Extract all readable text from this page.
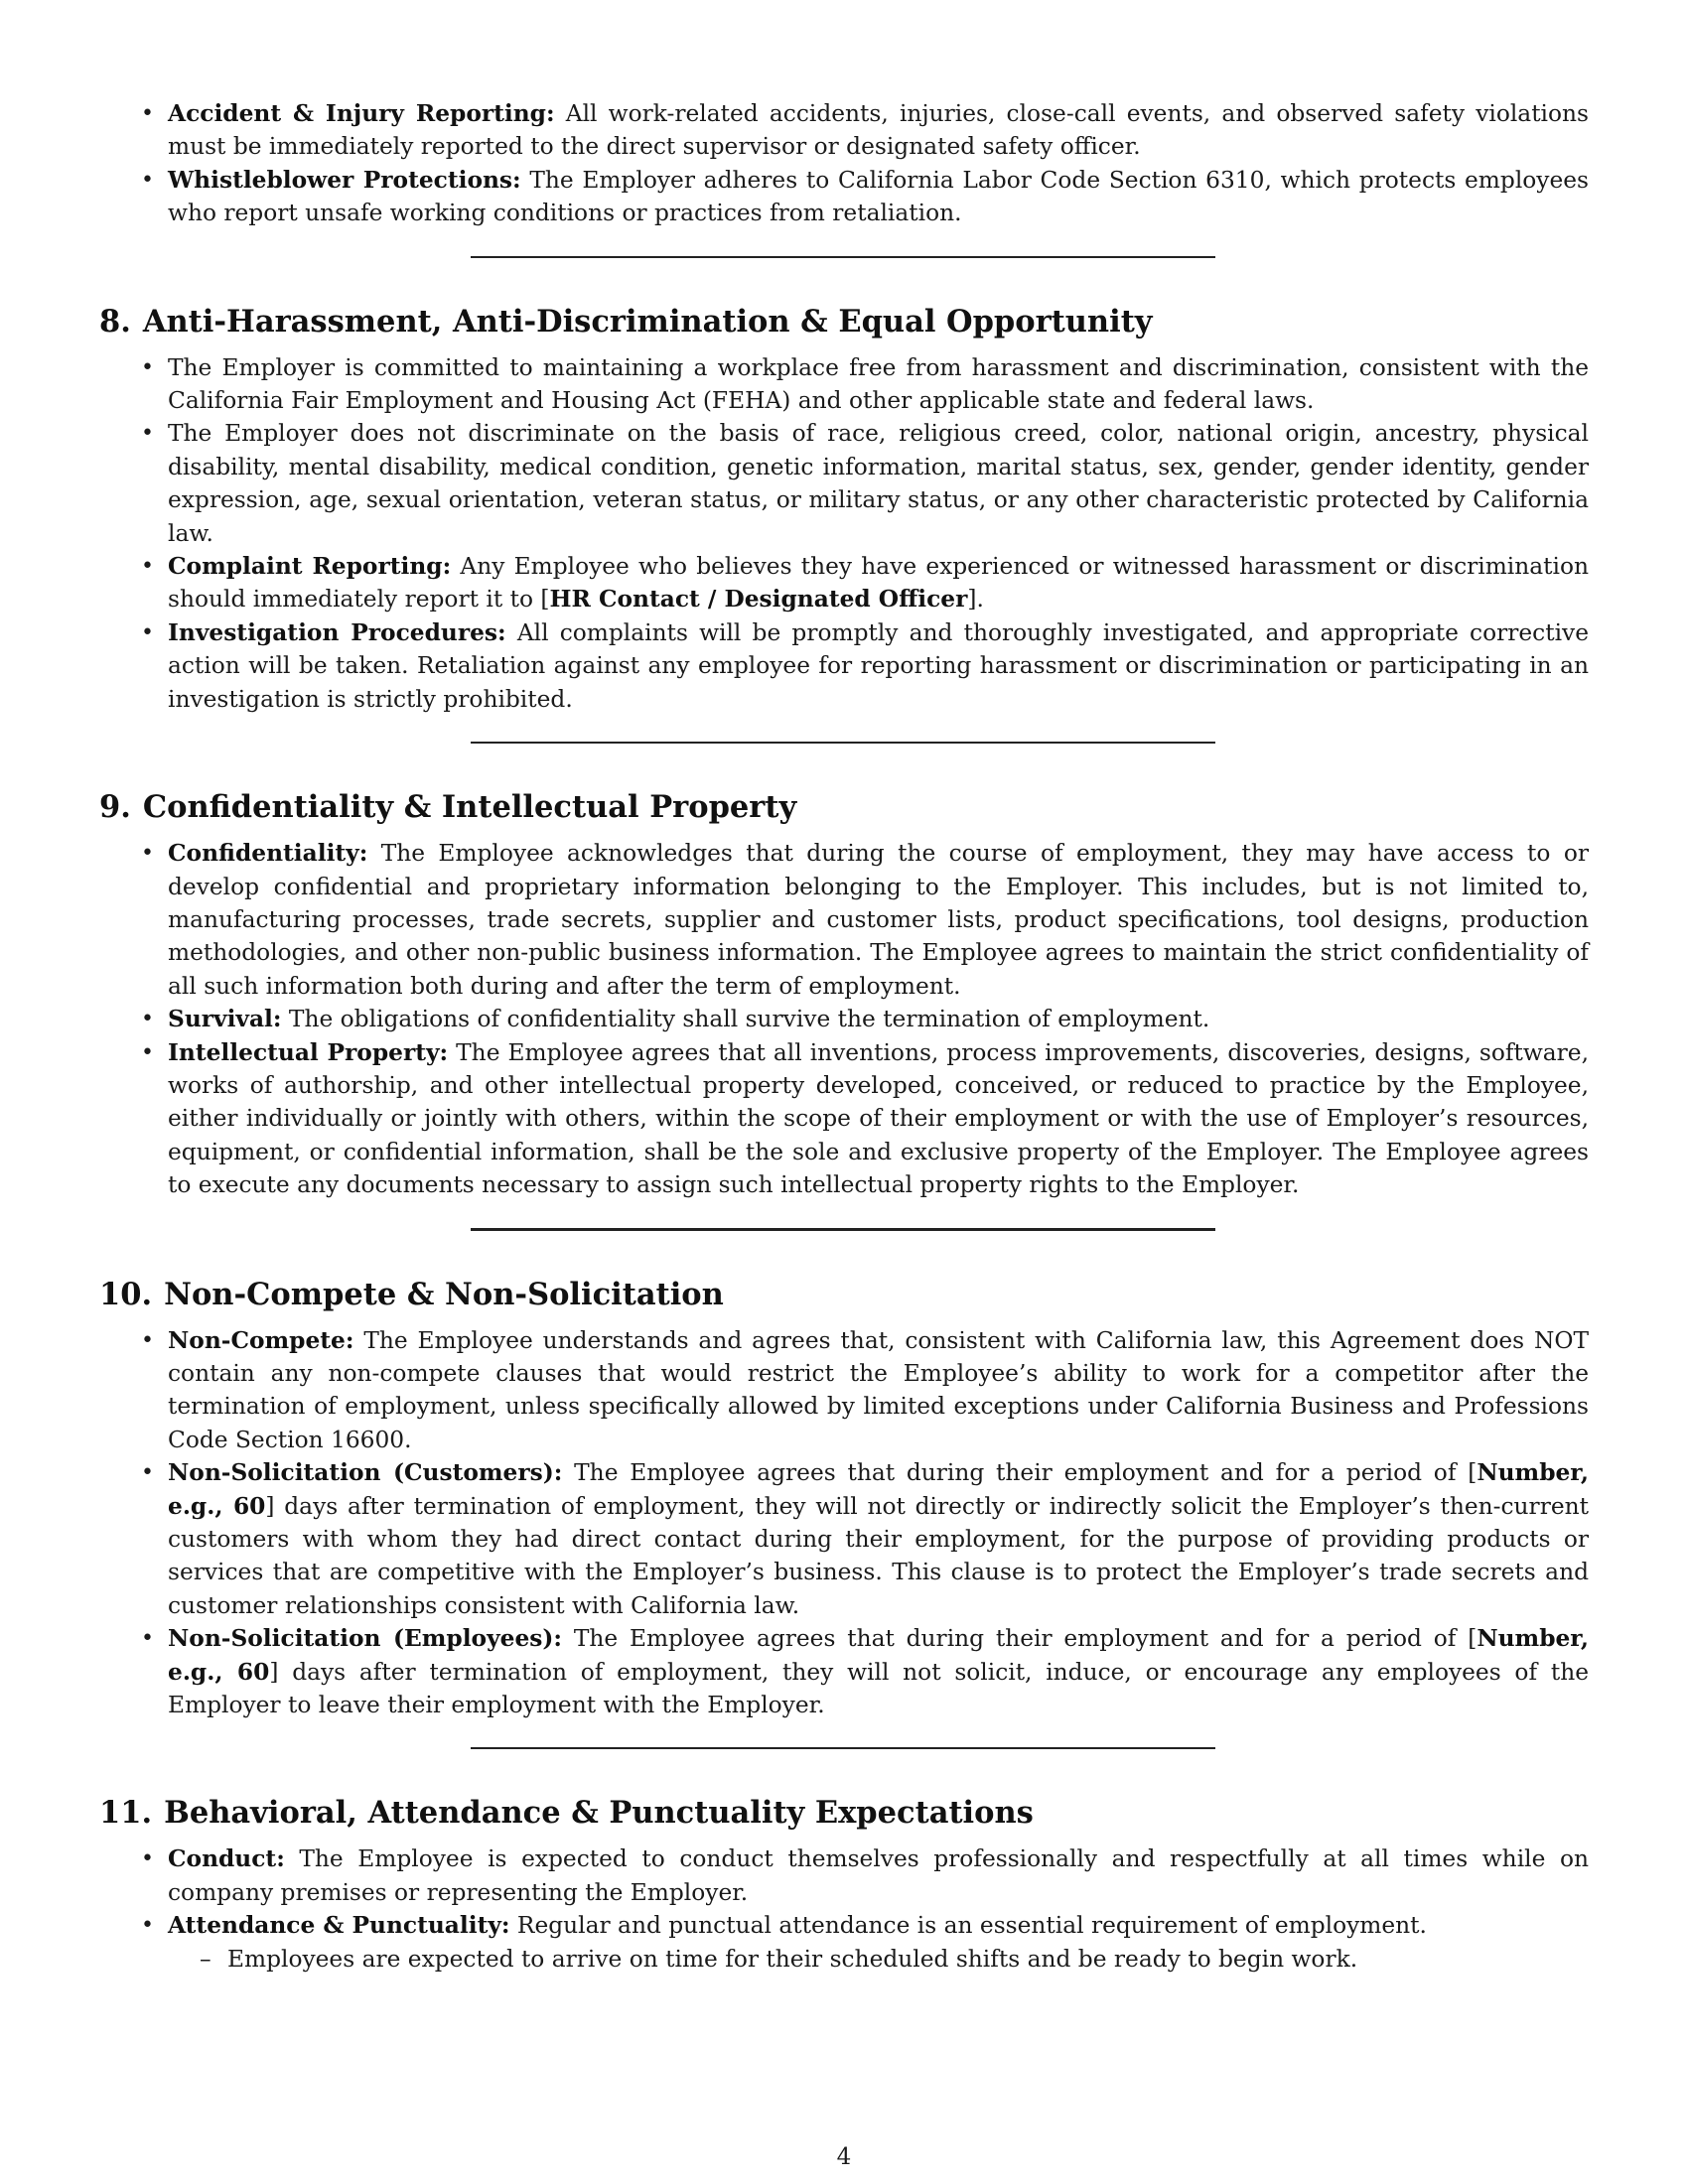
• Accident & Injury Reporting: All work-related accidents, injuries, close-call events, and observed safety violations must be immediately reported to the direct supervisor or designated safety officer.
• Whistleblower Protections: The Employer adheres to California Labor Code Section 6310, which protects employees who report unsafe working conditions or practices from retaliation.
8. Anti-Harassment, Anti-Discrimination & Equal Opportunity
• The Employer is committed to maintaining a workplace free from harassment and discrimination, consistent with the California Fair Employment and Housing Act (FEHA) and other applicable state and federal laws.
• The Employer does not discriminate on the basis of race, religious creed, color, national origin, ancestry, physical disability, mental disability, medical condition, genetic information, marital status, sex, gender, gender identity, gender expression, age, sexual orientation, veteran status, or military status, or any other characteristic protected by California law.
• Complaint Reporting: Any Employee who believes they have experienced or witnessed harassment or discrimination should immediately report it to [HR Contact / Designated Officer].
• Investigation Procedures: All complaints will be promptly and thoroughly investigated, and appropriate corrective action will be taken. Retaliation against any employee for reporting harassment or discrimination or participating in an investigation is strictly prohibited.
9. Confidentiality & Intellectual Property
• Confidentiality: The Employee acknowledges that during the course of employment, they may have access to or develop confidential and proprietary information belonging to the Employer. This includes, but is not limited to, manufacturing processes, trade secrets, supplier and customer lists, product specifications, tool designs, production methodologies, and other non-public business information. The Employee agrees to maintain the strict confidentiality of all such information both during and after the term of employment.
• Survival: The obligations of confidentiality shall survive the termination of employment.
• Intellectual Property: The Employee agrees that all inventions, process improvements, discoveries, designs, software, works of authorship, and other intellectual property developed, conceived, or reduced to practice by the Employee, either individually or jointly with others, within the scope of their employment or with the use of Employer’s resources, equipment, or confidential information, shall be the sole and exclusive property of the Employer. The Employee agrees to execute any documents necessary to assign such intellectual property rights to the Employer.
10. Non-Compete & Non-Solicitation
• Non-Compete: The Employee understands and agrees that, consistent with California law, this Agreement does NOT contain any non-compete clauses that would restrict the Employee’s ability to work for a competitor after the termination of employment, unless specifically allowed by limited exceptions under California Business and Professions Code Section 16600.
• Non-Solicitation (Customers): The Employee agrees that during their employment and for a period of [Number, e.g., 60] days after termination of employment, they will not directly or indirectly solicit the Employer’s then-current customers with whom they had direct contact during their employment, for the purpose of providing products or services that are competitive with the Employer’s business. This clause is to protect the Employer’s trade secrets and customer relationships consistent with California law.
• Non-Solicitation (Employees): The Employee agrees that during their employment and for a period of [Number, e.g., 60] days after termination of employment, they will not solicit, induce, or encourage any employees of the Employer to leave their employment with the Employer.
11. Behavioral, Attendance & Punctuality Expectations
• Conduct: The Employee is expected to conduct themselves professionally and respectfully at all times while on company premises or representing the Employer.
• Attendance & Punctuality: Regular and punctual attendance is an essential requirement of employment.
– Employees are expected to arrive on time for their scheduled shifts and be ready to begin work.
4
